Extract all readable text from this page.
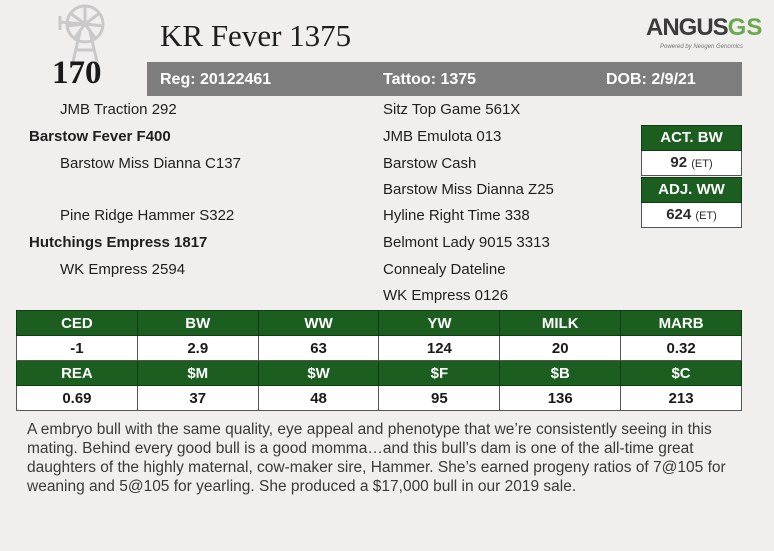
170
KR Fever 1375	ANGUSGS
Powered by Neogen Genomics
Reg: 20122461	Tattoo: 1375	DOB: 2/9/21
JMB Traction 292
Barstow Fever F400
Barstow Miss Dianna C137
Pine Ridge Hammer S322
Hutchings Empress 1817
WK Empress 2594
Sitz Top Game 561X
JMB Emulota 013
Barstow Cash
Barstow Miss Dianna Z25
Hyline Right Time 338
Belmont Lady 9015 3313
Connealy Dateline
WK Empress 0126
ACT. BW
92 (ET)
ADJ. WW
624 (ET)
CED	BW	WW	YW	MILK	MARB
-1	2.9	63	124	20	0.32
REA	$M	$W	$F	$B	$C
0.69	37	48	95	136	213
A embryo bull with the same quality, eye appeal and phenotype that we’re consistently seeing in this mating. Behind every good bull is a good momma…and this bull’s dam is one of the all-time great daughters of the highly maternal, cow-maker sire, Hammer. She’s earned progeny ratios of 7@105 for weaning and 5@105 for yearling. She produced a $17,000 bull in our 2019 sale.
